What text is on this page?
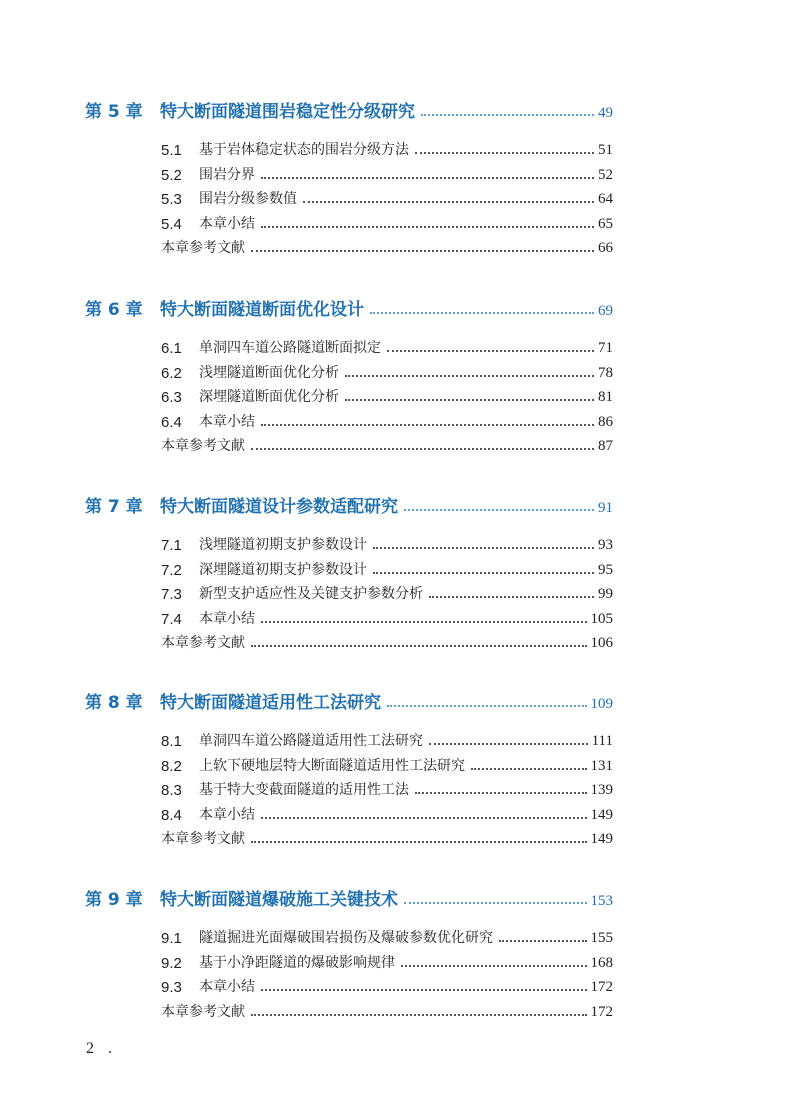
第 5 章	特大断面隧道围岩稳定性分级研究	49
5.1	基于岩体稳定状态的围岩分级方法	51
5.2	围岩分界	52
5.3	围岩分级参数值	64
5.4	本章小结	65
本章参考文献	66
第 6 章	特大断面隧道断面优化设计	69
6.1	单洞四车道公路隧道断面拟定	71
6.2	浅埋隧道断面优化分析	78
6.3	深埋隧道断面优化分析	81
6.4	本章小结	86
本章参考文献	87
第 7 章	特大断面隧道设计参数适配研究	91
7.1	浅埋隧道初期支护参数设计	93
7.2	深埋隧道初期支护参数设计	95
7.3	新型支护适应性及关键支护参数分析	99
7.4	本章小结	105
本章参考文献	106
第 8 章	特大断面隧道适用性工法研究	109
8.1	单洞四车道公路隧道适用性工法研究	111
8.2	上软下硬地层特大断面隧道适用性工法研究	131
8.3	基于特大变截面隧道的适用性工法	139
8.4	本章小结	149
本章参考文献	149
第 9 章	特大断面隧道爆破施工关键技术	153
9.1	隧道掘进光面爆破围岩损伤及爆破参数优化研究	155
9.2	基于小净距隧道的爆破影响规律	168
9.3	本章小结	172
本章参考文献	172
2 .
